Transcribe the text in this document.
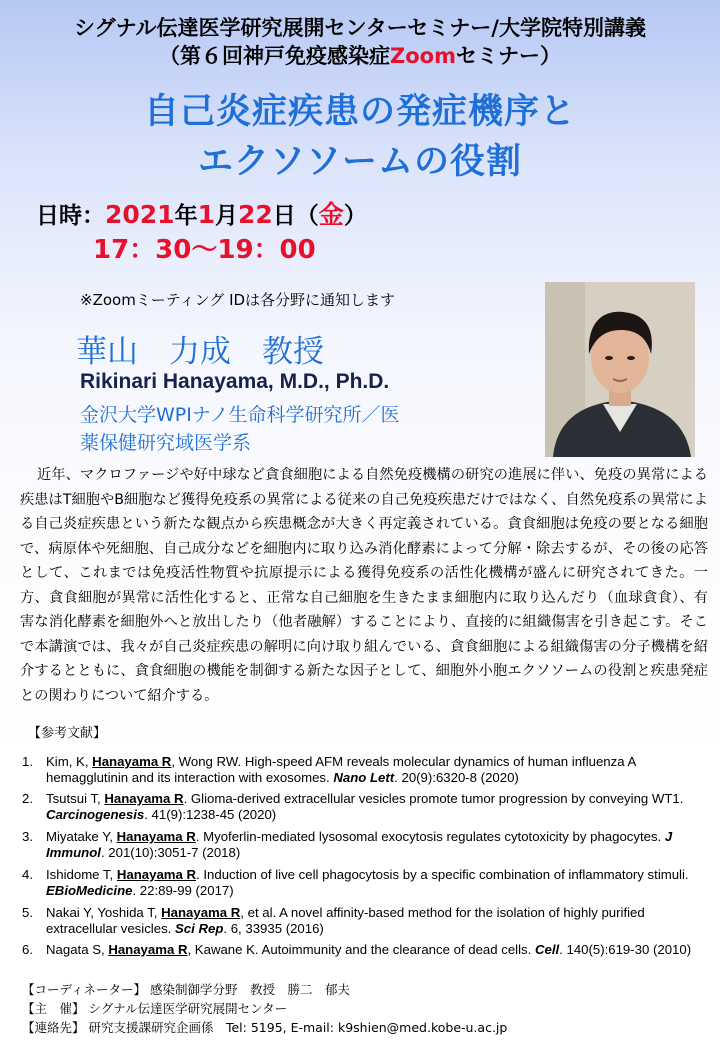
シグナル伝達医学研究展開センターセミナー/大学院特別講義
（第６回神戸免疫感染症Zoomセミナー）
自己炎症疾患の発症機序と
エクソソームの役割
日時：2021年1月22日（金）
17：30〜19：00
※Zoomミーティング IDは各分野に通知します
華山　力成　教授
Rikinari Hanayama, M.D., Ph.D.
金沢大学WPIナノ生命科学研究所／医
薬保健研究域医学系
近年、マクロファージや好中球など貪食細胞による自然免疫機構の研究の進展に伴い、免疫の異常による疾患はT細胞やB細胞など獲得免疫系の異常による従来の自己免疫疾患だけではなく、自然免疫系の異常による自己炎症疾患という新たな観点から疾患概念が大きく再定義されている。貪食細胞は免疫の要となる細胞で、病原体や死細胞、自己成分などを細胞内に取り込み消化酵素によって分解・除去するが、その後の応答として、これまでは免疫活性物質や抗原提示による獲得免疫系の活性化機構が盛んに研究されてきた。一方、貪食細胞が異常に活性化すると、正常な自己細胞を生きたまま細胞内に取り込んだり（血球貪食）、有害な消化酵素を細胞外へと放出したり（他者融解）することにより、直接的に組織傷害を引き起こす。そこで本講演では、我々が自己炎症疾患の解明に向け取り組んでいる、貪食細胞による組織傷害の分子機構を紹介するとともに、貪食細胞の機能を制御する新たな因子として、細胞外小胞エクソソームの役割と疾患発症との関わりについて紹介する。
【参考文献】
1. Kim, K, Hanayama R, Wong RW. High-speed AFM reveals molecular dynamics of human influenza A hemagglutinin and its interaction with exosomes. Nano Lett. 20(9):6320-8 (2020)
2. Tsutsui T, Hanayama R. Glioma-derived extracellular vesicles promote tumor progression by conveying WT1. Carcinogenesis. 41(9):1238-45 (2020)
3. Miyatake Y, Hanayama R. Myoferlin-mediated lysosomal exocytosis regulates cytotoxicity by phagocytes. J Immunol. 201(10):3051-7 (2018)
4. Ishidome T, Hanayama R. Induction of live cell phagocytosis by a specific combination of inflammatory stimuli. EBioMedicine. 22:89-99 (2017)
5. Nakai Y, Yoshida T, Hanayama R, et al. A novel affinity-based method for the isolation of highly purified extracellular vesicles. Sci Rep. 6, 33935 (2016)
6. Nagata S, Hanayama R, Kawane K. Autoimmunity and the clearance of dead cells. Cell. 140(5):619-30 (2010)
【コーディネーター】 感染制御学分野　教授　勝二　郁夫
【主　催】 シグナル伝達医学研究展開センター
【連絡先】 研究支援課研究企画係　Tel: 5195, E-mail: k9shien@med.kobe-u.ac.jp
